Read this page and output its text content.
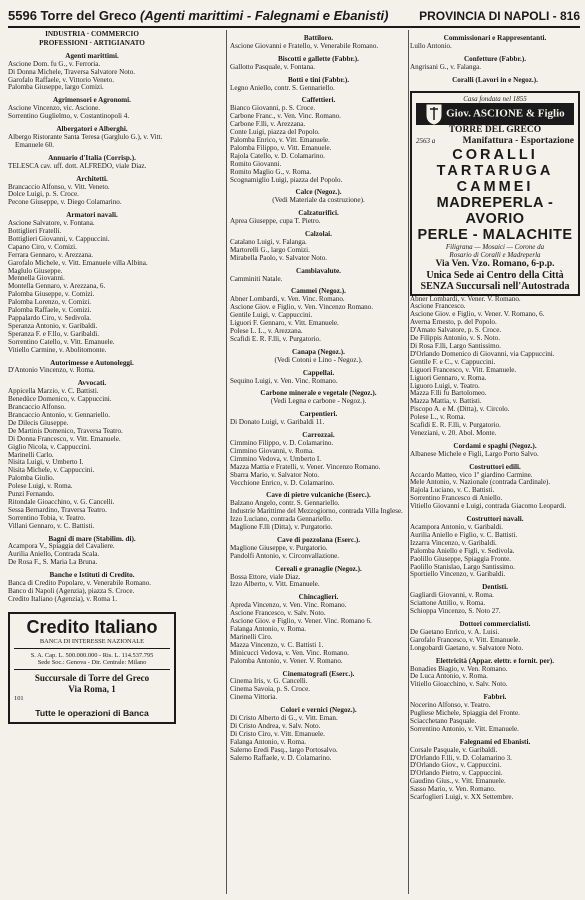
5596 Torre del Greco (Agenti marittimi - Falegnami e Ebanisti)	PROVINCIA DI NAPOLI - 816
INDUSTRIA · COMMERCIO
PROFESSIONI · ARTIGIANATO
Agenti marittimi.
Ascione Dom. fu G., v. Ferroria.
Di Donna Michele, Traversa Salvatore Noto.
Garofalo Raffaele, v. Vittorio Veneto.
Palomba Giuseppe, largo Comizi.
Agrimensori e Agronomi.
Ascione Vincenzo, vic. Ascione.
Sorrentino Guglielmo, v. Costantinopoli 4.
Albergatori e Alberghi.
Albergo Ristorante Santa Teresa (Garglulo G.), v. Vitt. Emanuele 60.
Annuario d'Italia (Corrisp.).
TELESCA cav. uff. dott. ALFREDO, viale Diaz.
Architetti.
Brancaccio Alfonso, v. Vitt. Veneto.
Dolce Luigi, p. S. Croce.
Pecone Giuseppe, v. Diego Colamarino.
Armatori navali.
Ascione Salvatore, v. Fontana.
Bottiglieri Fratelli.
Bottiglieri Giovanni, v. Cappuccini.
Capano Ciro, v. Comizi.
Ferrara Gennaro, v. Arezzana.
Garofalo Michele, v. Vitt. Emanuele villa Albina.
Maglulo Giuseppe.
Mennella Giovanni.
Montella Gennaro, v. Arezzana, 6.
Palomba Giuseppe, v. Comizi.
Palomba Lorenzo, v. Comizi.
Palomba Raffaele, v. Comizi.
Pappalardo Ciro, v. Sedivola.
Speranza Antonio, v. Garibaldi.
Speranza F. e F.llo, v. Garibaldi.
Sorrentino Catello, v. Vitt. Emanuele.
Vitiello Carmine, v. Abolitomonte.
Autorimesse e Autonoleggi.
D'Antonio Vincenzo, v. Roma.
Avvocati.
Appicella Marzio, v. C. Battisti.
Benedüce Domenico, v. Cappuccini.
Brancaccio Alfonso.
Brancaccio Antonio, v. Gennariello.
De Dilecis Giuseppe.
De Martinis Domenico, Traversa Teatro.
Di Donna Francesco, v. Vitt. Emanuele.
Giglio Nicola, v. Cappuccini.
Marinelli Carlo.
Nisita Luigi, v. Umberto I.
Nisita Michele, v. Cappuccini.
Palomba Giulio.
Polese Luigi, v. Roma.
Punzi Fernando.
Ritondale Gioacchino, v. G. Cancelli.
Sessa Bernardino, Traversa Teatro.
Sorrentino Tobia, v. Teatro.
Villani Gennaro, v. C. Battisti.
Bagni di mare (Stabilim. di).
Acampora V., Spiaggia del Cavaliere.
Aurilia Aniello, Contrada Scala.
De Rosa F., S. Maria La Bruna.
Banche e Istituti di Credito.
Banca di Credito Popolare, v. Venerabile Romano.
Banco di Napoli (Agenzia), piazza S. Croce.
Credito Italiano (Agenzia), v. Roma 1.
Credito Italiano
BANCA DI INTERESSE NAZIONALE
S. A. Cap. L. 500.000.000 - Ris. L. 114.537.795
Sede Soc.: Genova - Dir. Centrale: Milano
Succursale di Torre del Greco
Via Roma, 1
101
Tutte le operazioni di Banca
Battiloro.
Ascione Giovanni e Fratello, v. Venerabile Romano.
Biscotti e gallette (Fabbr.).
Gallotto Pasquale, v. Fontana.
Botti e tini (Fabbr.).
Legno Aniello, contr. S. Gennariello.
Caffettieri.
Bianco Giovanni, p. S. Croce.
Carbone Franc., v. Ven. Vinc. Romano.
Carbone F.lli, v. Arezzana.
Conte Luigi, piazza del Popolo.
Palomba Enrico, v. Vitt. Emanuele.
Palomba Filippo, v. Vitt. Emanuele.
Rajola Catello, v. D. Colamarino.
Romito Giovanni.
Romito Maglio G., v. Roma.
Scognamiglio Luigi, piazza del Popolo.
Calce (Negoz.).
(Vedi Materiale da costruzione).
Calzaturifici.
Aprea Giuseppe, cupa T. Pietro.
Calzolai.
Catalano Luigi, v. Falanga.
Martorelli G., largo Comizi.
Mirabella Paolo, v. Salvator Noto.
Cambiavalute.
Camminiti Natale.
Cammei (Negoz.).
Abner Lombardi, v. Ven. Vinc. Romano.
Ascione Giov. e Figlio, v. Ven. Vincenzo Romano.
Gentile Luigi, v. Cappuccini.
Liguori F. Gennaro, v. Vitt. Emanuele.
Polese L. L., v. Arezzana.
Scafidi E. R. F.lli, v. Purgatorio.
Canapa (Negoz.).
(Vedi Cotoni e Lino - Negoz.).
Cappellai.
Sequino Luigi, v. Ven. Vinc. Romano.
Carbone minerale e vegetale (Negoz.).
(Vedi Legna e carbone - Negoz.).
Carpentieri.
Di Donato Luigi, v. Garibaldi 11.
Carrozzai.
Cimmino Filippo, v. D. Colamarino.
Cimmino Giovanni, v. Roma.
Cimmino Vedova, v. Umberto I.
Mazza Mattia e Fratelli, v. Vener. Vincenzo Romano.
Sbarra Mario, v. Salvator Noto.
Vecchione Enrico, v. D. Colamarino.
Cave di pietre vulcaniche (Eserc.).
Balzano Angelo, contr. S. Gennariello.
Industrie Marittime del Mezzogiorno, contrada Villa Inglese.
Izzo Luciano, contrada Gennariello.
Maglione F.lli (Ditta), v. Purgatorio.
Cave di pozzolana (Eserc.).
Maglione Giuseppe, v. Purgatorio.
Pandolfi Antonio, v. Circonvallazione.
Cereali e granaglie (Negoz.).
Bossa Ettore, viale Diaz.
Izzo Alberto, v. Vitt. Emanuele.
Chincaglieri.
Apreda Vincenzo, v. Ven. Vinc. Romano.
Ascione Francesco, v. Salv. Noto.
Ascione Giov. e Figlio, v. Vener. Vinc. Romano 6.
Falanga Antonio, v. Roma.
Marinelli Ciro.
Mazza Vincenzo, v. C. Battisti 1.
Minicucci Vedova, v. Ven. Vinc. Romano.
Palomba Antonio, v. Vener. V. Romano.
Cinematografi (Eserc.).
Cinema Iris, v. G. Cancelli.
Cinema Savoia, p. S. Croce.
Cinema Vittoria.
Colori e vernici (Negoz.).
Di Cristo Alberto di G., v. Vitt. Eman.
Di Cristo Andrea, v. Salv. Noto.
Di Cristo Ciro, v. Vitt. Emanuele.
Falanga Antonio, v. Roma.
Salerno Eredi Pasq., largo Portosalvo.
Salerno Raffaele, v. D. Colamarino.
Commissionari e Rappresentanti.
Lullo Antonio.
Confetture (Fabbr.).
Angrisani G., v. Falanga.
Coralli (Lavori in e Negoz.).
Casa fondata nel 1855
Giov. ASCIONE & Figlio
TORRE DEL GRECO
2563 a	Manifattura - Esportazione
CORALLI
TARTARUGA
CAMMEI
MADREPERLA - AVORIO
PERLE - MALACHITE
Filigrana — Mosaici — Corone da
Rosario di Coralli e Madreperla
Via Ven. Vzo. Romano, 6-p.p.
Unica Sede ai Centro della Città
SENZA Succursali nell'Autostrada
Abner Lombardi, v. Vener. V. Romano.
Ascione Francesco.
Ascione Giov. e Figlio, v. Vener. V. Romano, 6.
Averna Ernesto, p. del Popolo.
D'Amato Salvatore, p. S. Croce.
De Filippis Antonio, v. S. Noto.
Di Rosa F.lli, Largo Santissimo.
D'Orlando Domenico di Giovanni, via Cappuccini.
Gentile F. e C., v. Cappuccini.
Liguori Francesco, v. Vitt. Emanuele.
Liguori Gennaro, v. Roma.
Liguoro Luigi, v. Teatro.
Mazza F.lli fu Bartolomeo.
Mazza Mattia, v. Battisti.
Piscopo A. e M. (Ditta), v. Circolo.
Polese L., v. Roma.
Scafidi E. R. F.lli, v. Purgatorio.
Veneziani, v. 20. Abol. Monte.
Cordami e spaghi (Negoz.).
Albanese Michele e Figli, Largo Porto Salvo.
Costruttori edili.
Accardo Matteo, vico 1º giardino Carmine.
Mele Antonio, v. Nazionale (contrada Cardinale).
Rajola Luciano, v. C. Battisti.
Sorrentino Francesco di Aniello.
Vitiello Giovanni e Luigi, contrada Giacomo Leopardi.
Costruttori navali.
Acampora Antonio, v. Garibaldi.
Aurilia Aniello e Figlio, v. C. Battisti.
Izzarra Vincenzo, v. Garibaldi.
Palomba Aniello e Figli, v. Sedivola.
Paolillo Giuseppe, Spiaggia Fronte.
Paolillo Stanislao, Largo Santissimo.
Sportiello Vincenzo, v. Garibaldi.
Dentisti.
Gagliardi Giovanni, v. Roma.
Sciattone Attilio, v. Roma.
Schioppa Vincenzo, S. Noto 27.
Dottori commercialisti.
De Gaetano Enrico, v. A. Luisi.
Garofalo Francesco, v. Vitt. Emanuele.
Longobardi Gaetano, v. Salvatore Noto.
Elettricità (Appar. elettr. e fornit. per).
Bonadies Biagio, v. Ven. Romano.
De Luca Antonio, v. Roma.
Vitiello Gioacchino, v. Salv. Noto.
Fabbri.
Nocerino Alfonso, v. Teatro.
Pugliese Michele, Spiaggia del Fronte.
Sciacchetano Pasquale.
Sorrentino Antonio, v. Vitt. Emanuele.
Falegnami ed Ebanisti.
Corsale Pasquale, v. Garibaldi.
D'Orlando F.lli, v. D. Colamarino 3.
D'Orlando Giov., v. Cappuccini.
D'Orlando Pietro, v. Cappuccini.
Gaudino Gius., v. Vitt. Emanuele.
Sasso Mario, v. Ven. Romano.
Scarfoglieri Luigi, v. XX Settembre.
